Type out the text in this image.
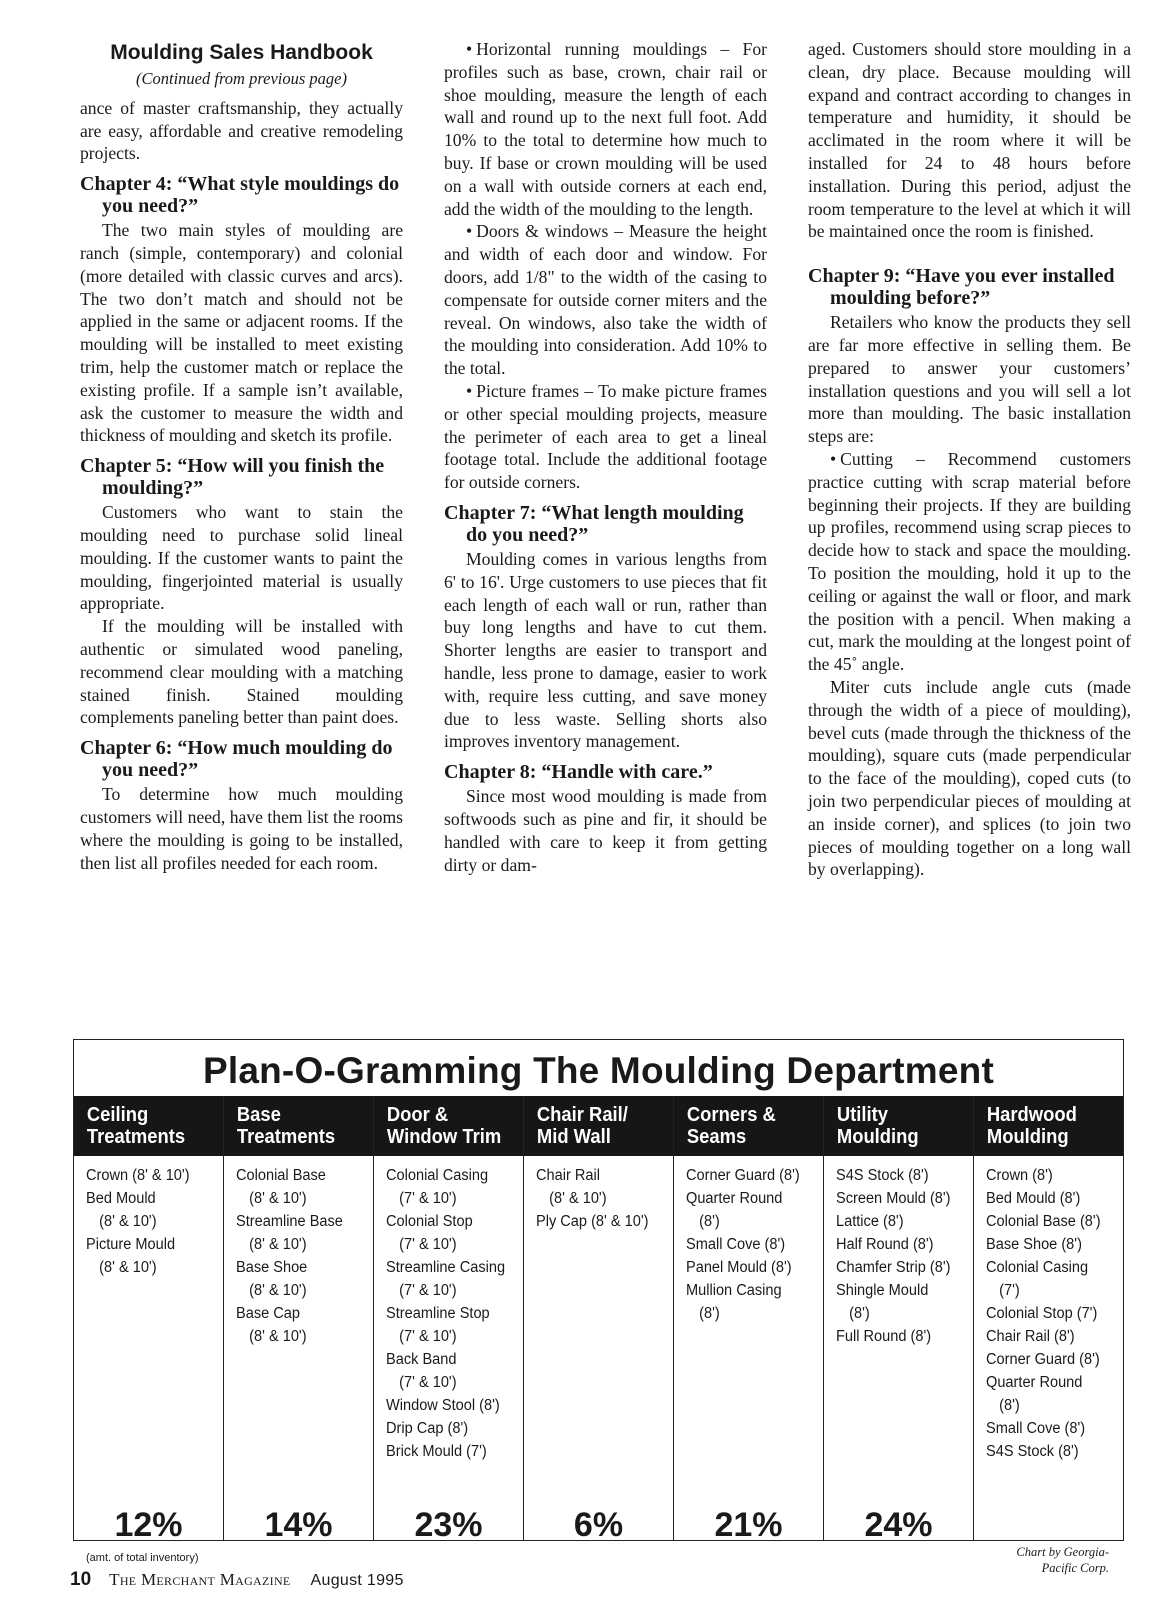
Moulding Sales Handbook
(Continued from previous page)

ance of master craftsmanship, they actually are easy, affordable and creative remodeling projects.

Chapter 4: “What style mouldings do you need?”

The two main styles of moulding are ranch (simple, contemporary) and colonial (more detailed with classic curves and arcs). The two don’t match and should not be applied in the same or adjacent rooms. If the moulding will be installed to meet existing trim, help the customer match or replace the existing profile. If a sample isn’t available, ask the customer to measure the width and thickness of moulding and sketch its profile.

Chapter 5: “How will you finish the moulding?”

Customers who want to stain the moulding need to purchase solid lineal moulding. If the customer wants to paint the moulding, fingerjointed material is usually appropriate.

If the moulding will be installed with authentic or simulated wood paneling, recommend clear moulding with a matching stained finish. Stained moulding complements paneling better than paint does.

Chapter 6: “How much moulding do you need?”

To determine how much moulding customers will need, have them list the rooms where the moulding is going to be installed, then list all profiles needed for each room.

• Horizontal running mouldings – For profiles such as base, crown, chair rail or shoe moulding, measure the length of each wall and round up to the next full foot. Add 10% to the total to determine how much to buy. If base or crown moulding will be used on a wall with outside corners at each end, add the width of the moulding to the length.

• Doors & windows – Measure the height and width of each door and window. For doors, add 1/8" to the width of the casing to compensate for outside corner miters and the reveal. On windows, also take the width of the moulding into consideration. Add 10% to the total.

• Picture frames – To make picture frames or other special moulding projects, measure the perimeter of each area to get a lineal footage total. Include the additional footage for outside corners.

Chapter 7: “What length moulding do you need?”

Moulding comes in various lengths from 6' to 16'. Urge customers to use pieces that fit each length of each wall or run, rather than buy long lengths and have to cut them. Shorter lengths are easier to transport and handle, less prone to damage, easier to work with, require less cutting, and save money due to less waste. Selling shorts also improves inventory management.

Chapter 8: “Handle with care.”

Since most wood moulding is made from softwoods such as pine and fir, it should be handled with care to keep it from getting dirty or dam-

aged. Customers should store moulding in a clean, dry place. Because moulding will expand and contract according to changes in temperature and humidity, it should be acclimated in the room where it will be installed for 24 to 48 hours before installation. During this period, adjust the room temperature to the level at which it will be maintained once the room is finished.

Chapter 9: “Have you ever installed moulding before?”

Retailers who know the products they sell are far more effective in selling them. Be prepared to answer your customers’ installation questions and you will sell a lot more than moulding. The basic installation steps are:

• Cutting – Recommend customers practice cutting with scrap material before beginning their projects. If they are building up profiles, recommend using scrap pieces to decide how to stack and space the moulding. To position the moulding, hold it up to the ceiling or against the wall or floor, and mark the position with a pencil. When making a cut, mark the moulding at the longest point of the 45˚ angle.

Miter cuts include angle cuts (made through the width of a piece of moulding), bevel cuts (made through the thickness of the moulding), square cuts (made perpendicular to the face of the moulding), coped cuts (to join two perpendicular pieces of moulding at an inside corner), and splices (to join two pieces of moulding together on a long wall by overlapping).

Plan-O-Gramming The Moulding Department
Ceiling
Treatments
Crown (8' & 10')
Bed Mould
(8' & 10')
Picture Mould
(8' & 10')
12%
(amt. of total inventory)
Base
Treatments
Colonial Base
(8' & 10')
Streamline Base
(8' & 10')
Base Shoe
(8' & 10')
Base Cap
(8' & 10')
14%
Door &
Window Trim
Colonial Casing
(7' & 10')
Colonial Stop
(7' & 10')
Streamline Casing
(7' & 10')
Streamline Stop
(7' & 10')
Back Band
(7' & 10')
Window Stool (8')
Drip Cap (8')
Brick Mould (7')
23%
Chair Rail/
Mid Wall
Chair Rail
(8' & 10')
Ply Cap (8' & 10')
6%
Corners &
Seams
Corner Guard (8')
Quarter Round
(8')
Small Cove (8')
Panel Mould (8')
Mullion Casing
(8')
21%
Utility
Moulding
S4S Stock (8')
Screen Mould (8')
Lattice (8')
Half Round (8')
Chamfer Strip (8')
Shingle Mould
(8')
Full Round (8')
24%
Hardwood
Moulding
Crown (8')
Bed Mould (8')
Colonial Base (8')
Base Shoe (8')
Colonial Casing
(7')
Colonial Stop (7')
Chair Rail (8')
Corner Guard (8')
Quarter Round
(8')
Small Cove (8')
S4S Stock (8')
Chart by Georgia-Pacific Corp.
10 The Merchant Magazine August 1995
